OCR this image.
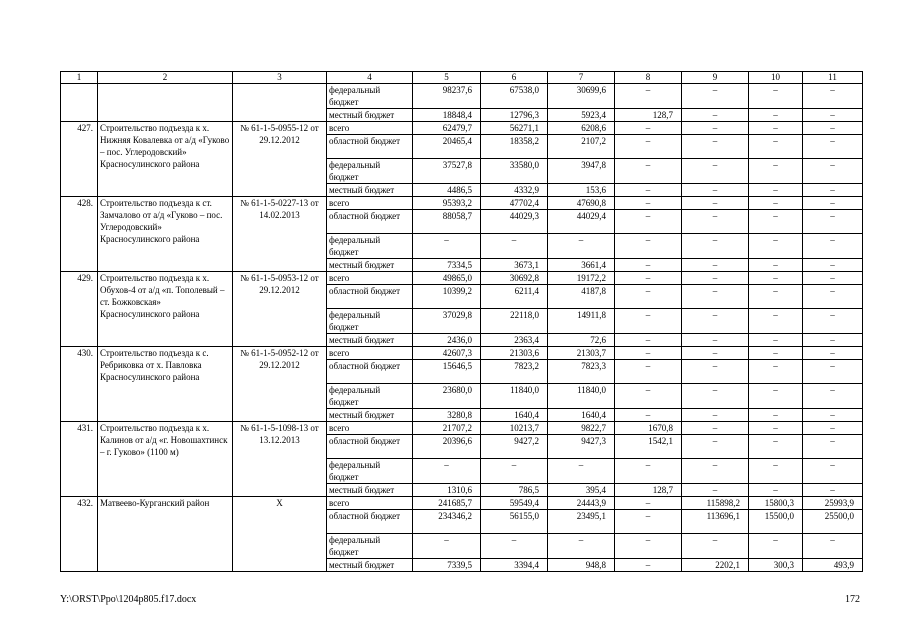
1	2	3	4	5	6	7	8	9	10	11
			федеральный бюджет	98237,6	67538,0	30699,6	–	–	–	–
			местный бюджет	18848,4	12796,3	5923,4	128,7	–	–	–
427.	Строительство подъезда к х. Нижняя Ковалевка от а/д «Гуково – пос. Углеродовский» Красносулинского района	№ 61-1-5-0955-12 от 29.12.2012	всего	62479,7	56271,1	6208,6	–	–	–	–
			областной бюджет	20465,4	18358,2	2107,2	–	–	–	–
			федеральный бюджет	37527,8	33580,0	3947,8	–	–	–	–
			местный бюджет	4486,5	4332,9	153,6	–	–	–	–
428.	Строительство подъезда к ст. Замчалово от а/д «Гуково – пос. Углеродовский» Красносулинского района	№ 61-1-5-0227-13 от 14.02.2013	всего	95393,2	47702,4	47690,8	–	–	–	–
			областной бюджет	88058,7	44029,3	44029,4	–	–	–	–
			федеральный бюджет	–	–	–	–	–	–	–
			местный бюджет	7334,5	3673,1	3661,4	–	–	–	–
429.	Строительство подъезда к х. Обухов-4 от а/д «п. Тополевый – ст. Божковская» Красносулинского района	№ 61-1-5-0953-12 от 29.12.2012	всего	49865,0	30692,8	19172,2	–	–	–	–
			областной бюджет	10399,2	6211,4	4187,8	–	–	–	–
			федеральный бюджет	37029,8	22118,0	14911,8	–	–	–	–
			местный бюджет	2436,0	2363,4	72,6	–	–	–	–
430.	Строительство подъезда к с. Ребриковка от х. Павловка Красносулинского района	№ 61-1-5-0952-12 от 29.12.2012	всего	42607,3	21303,6	21303,7	–	–	–	–
			областной бюджет	15646,5	7823,2	7823,3	–	–	–	–
			федеральный бюджет	23680,0	11840,0	11840,0	–	–	–	–
			местный бюджет	3280,8	1640,4	1640,4	–	–	–	–
431.	Строительство подъезда к х. Калинов от а/д «г. Новошахтинск – г. Гуково» (1100 м)	№ 61-1-5-1098-13 от 13.12.2013	всего	21707,2	10213,7	9822,7	1670,8	–	–	–
			областной бюджет	20396,6	9427,2	9427,3	1542,1	–	–	–
			федеральный бюджет	–	–	–	–	–	–	–
			местный бюджет	1310,6	786,5	395,4	128,7	–	–	–
432.	Матвеево-Курганский район	Х	всего	241685,7	59549,4	24443,9	–	115898,2	15800,3	25993,9
			областной бюджет	234346,2	56155,0	23495,1	–	113696,1	15500,0	25500,0
			федеральный бюджет	–	–	–	–	–	–	–
			местный бюджет	7339,5	3394,4	948,8	–	2202,1	300,3	493,9
Y:\ORST\Ppo\1204p805.f17.docx	172
